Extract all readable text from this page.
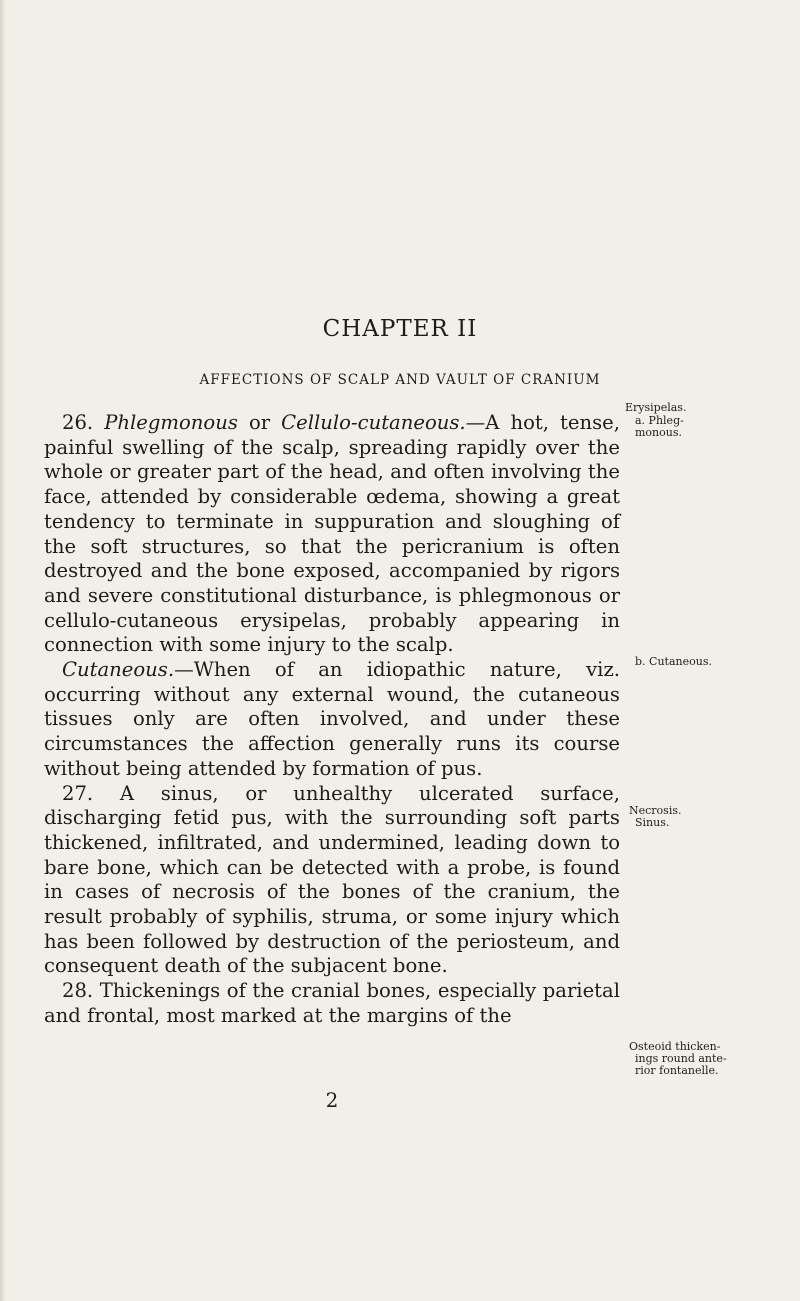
CHAPTER II
AFFECTIONS OF SCALP AND VAULT OF CRANIUM

26. Phlegmonous or Cellulo-cutaneous.—A hot, tense, painful swelling of the scalp, spreading rapidly over the whole or greater part of the head, and often involving the face, attended by considerable œdema, showing a great tendency to terminate in suppuration and sloughing of the soft structures, so that the pericranium is often destroyed and the bone exposed, accompanied by rigors and severe constitutional disturbance, is phlegmonous or cellulo-cutaneous erysipelas, probably appearing in connection with some injury to the scalp.

Cutaneous.—When of an idiopathic nature, viz. occurring without any external wound, the cutaneous tissues only are often involved, and under these circumstances the affection generally runs its course without being attended by formation of pus.

27. A sinus, or unhealthy ulcerated surface, discharging fetid pus, with the surrounding soft parts thickened, infiltrated, and undermined, leading down to bare bone, which can be detected with a probe, is found in cases of necrosis of the bones of the cranium, the result probably of syphilis, struma, or some injury which has been followed by destruction of the periosteum, and consequent death of the subjacent bone.

28. Thickenings of the cranial bones, especially parietal and frontal, most marked at the margins of the

Erysipelas.
a. Phleg-
monous.
b. Cutaneous.
Necrosis.
Sinus.
Osteoid thicken-
ings round ante-
rior fontanelle.
2
